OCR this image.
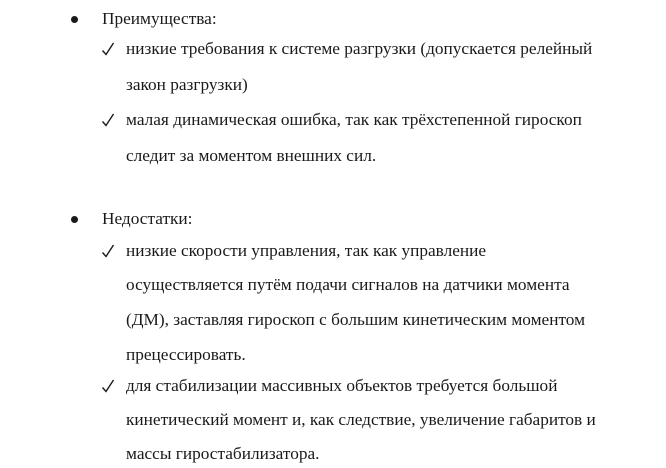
Преимущества:
низкие требования к системе разгрузки (допускается релейный
закон разгрузки)
малая динамическая ошибка, так как трёхстепенной гироскоп
следит за моментом внешних сил.
Недостатки:
низкие скорости управления, так как управление
осуществляется путём подачи сигналов на датчики момента
(ДМ), заставляя гироскоп с большим кинетическим моментом
прецессировать.
для стабилизации массивных объектов требуется большой
кинетический момент и, как следствие, увеличение габаритов и
массы гиростабилизатора.
